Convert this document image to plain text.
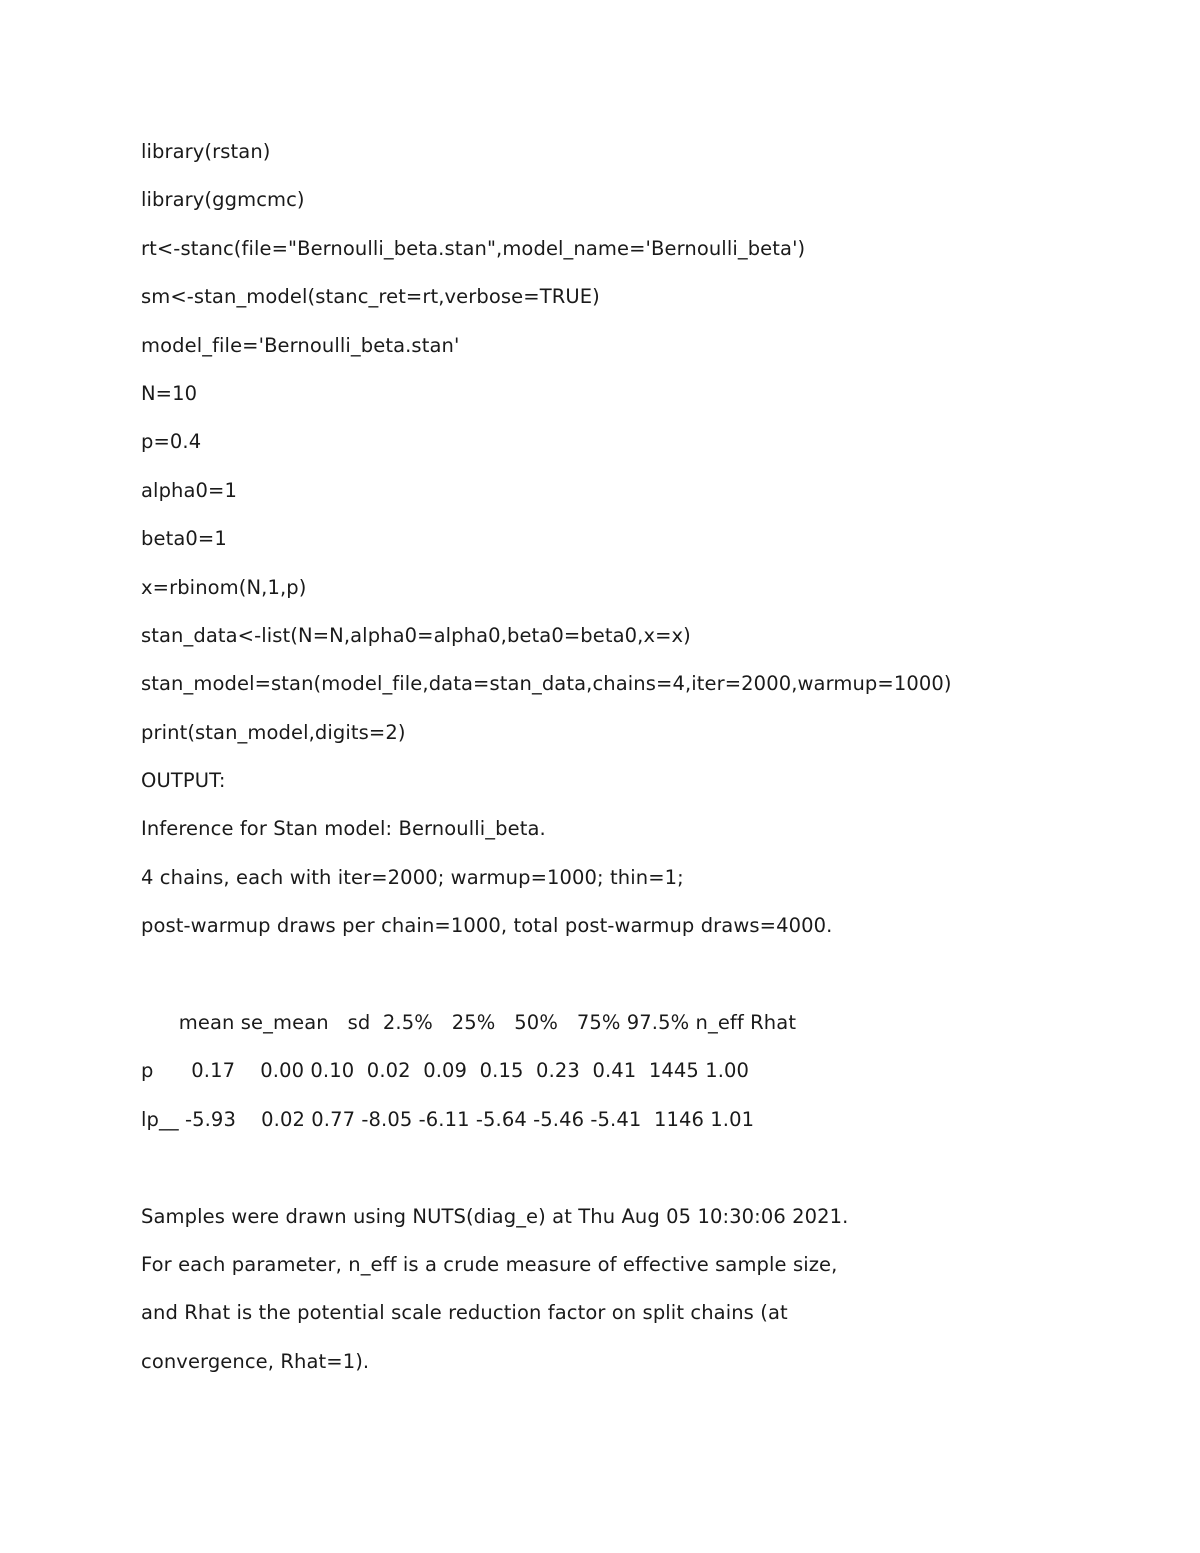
library(rstan)
library(ggmcmc)
rt<-stanc(file="Bernoulli_beta.stan",model_name='Bernoulli_beta')
sm<-stan_model(stanc_ret=rt,verbose=TRUE)
model_file='Bernoulli_beta.stan'
N=10
p=0.4
alpha0=1
beta0=1
x=rbinom(N,1,p)
stan_data<-list(N=N,alpha0=alpha0,beta0=beta0,x=x)
stan_model=stan(model_file,data=stan_data,chains=4,iter=2000,warmup=1000)
print(stan_model,digits=2)
OUTPUT:
Inference for Stan model: Bernoulli_beta.
4 chains, each with iter=2000; warmup=1000; thin=1;
post-warmup draws per chain=1000, total post-warmup draws=4000.
mean se_mean   sd  2.5%   25%   50%   75% 97.5% n_eff Rhat
p      0.17    0.00 0.10  0.02  0.09  0.15  0.23  0.41  1445 1.00
lp__ -5.93    0.02 0.77 -8.05 -6.11 -5.64 -5.46 -5.41  1146 1.01
Samples were drawn using NUTS(diag_e) at Thu Aug 05 10:30:06 2021.
For each parameter, n_eff is a crude measure of effective sample size,
and Rhat is the potential scale reduction factor on split chains (at
convergence, Rhat=1).
